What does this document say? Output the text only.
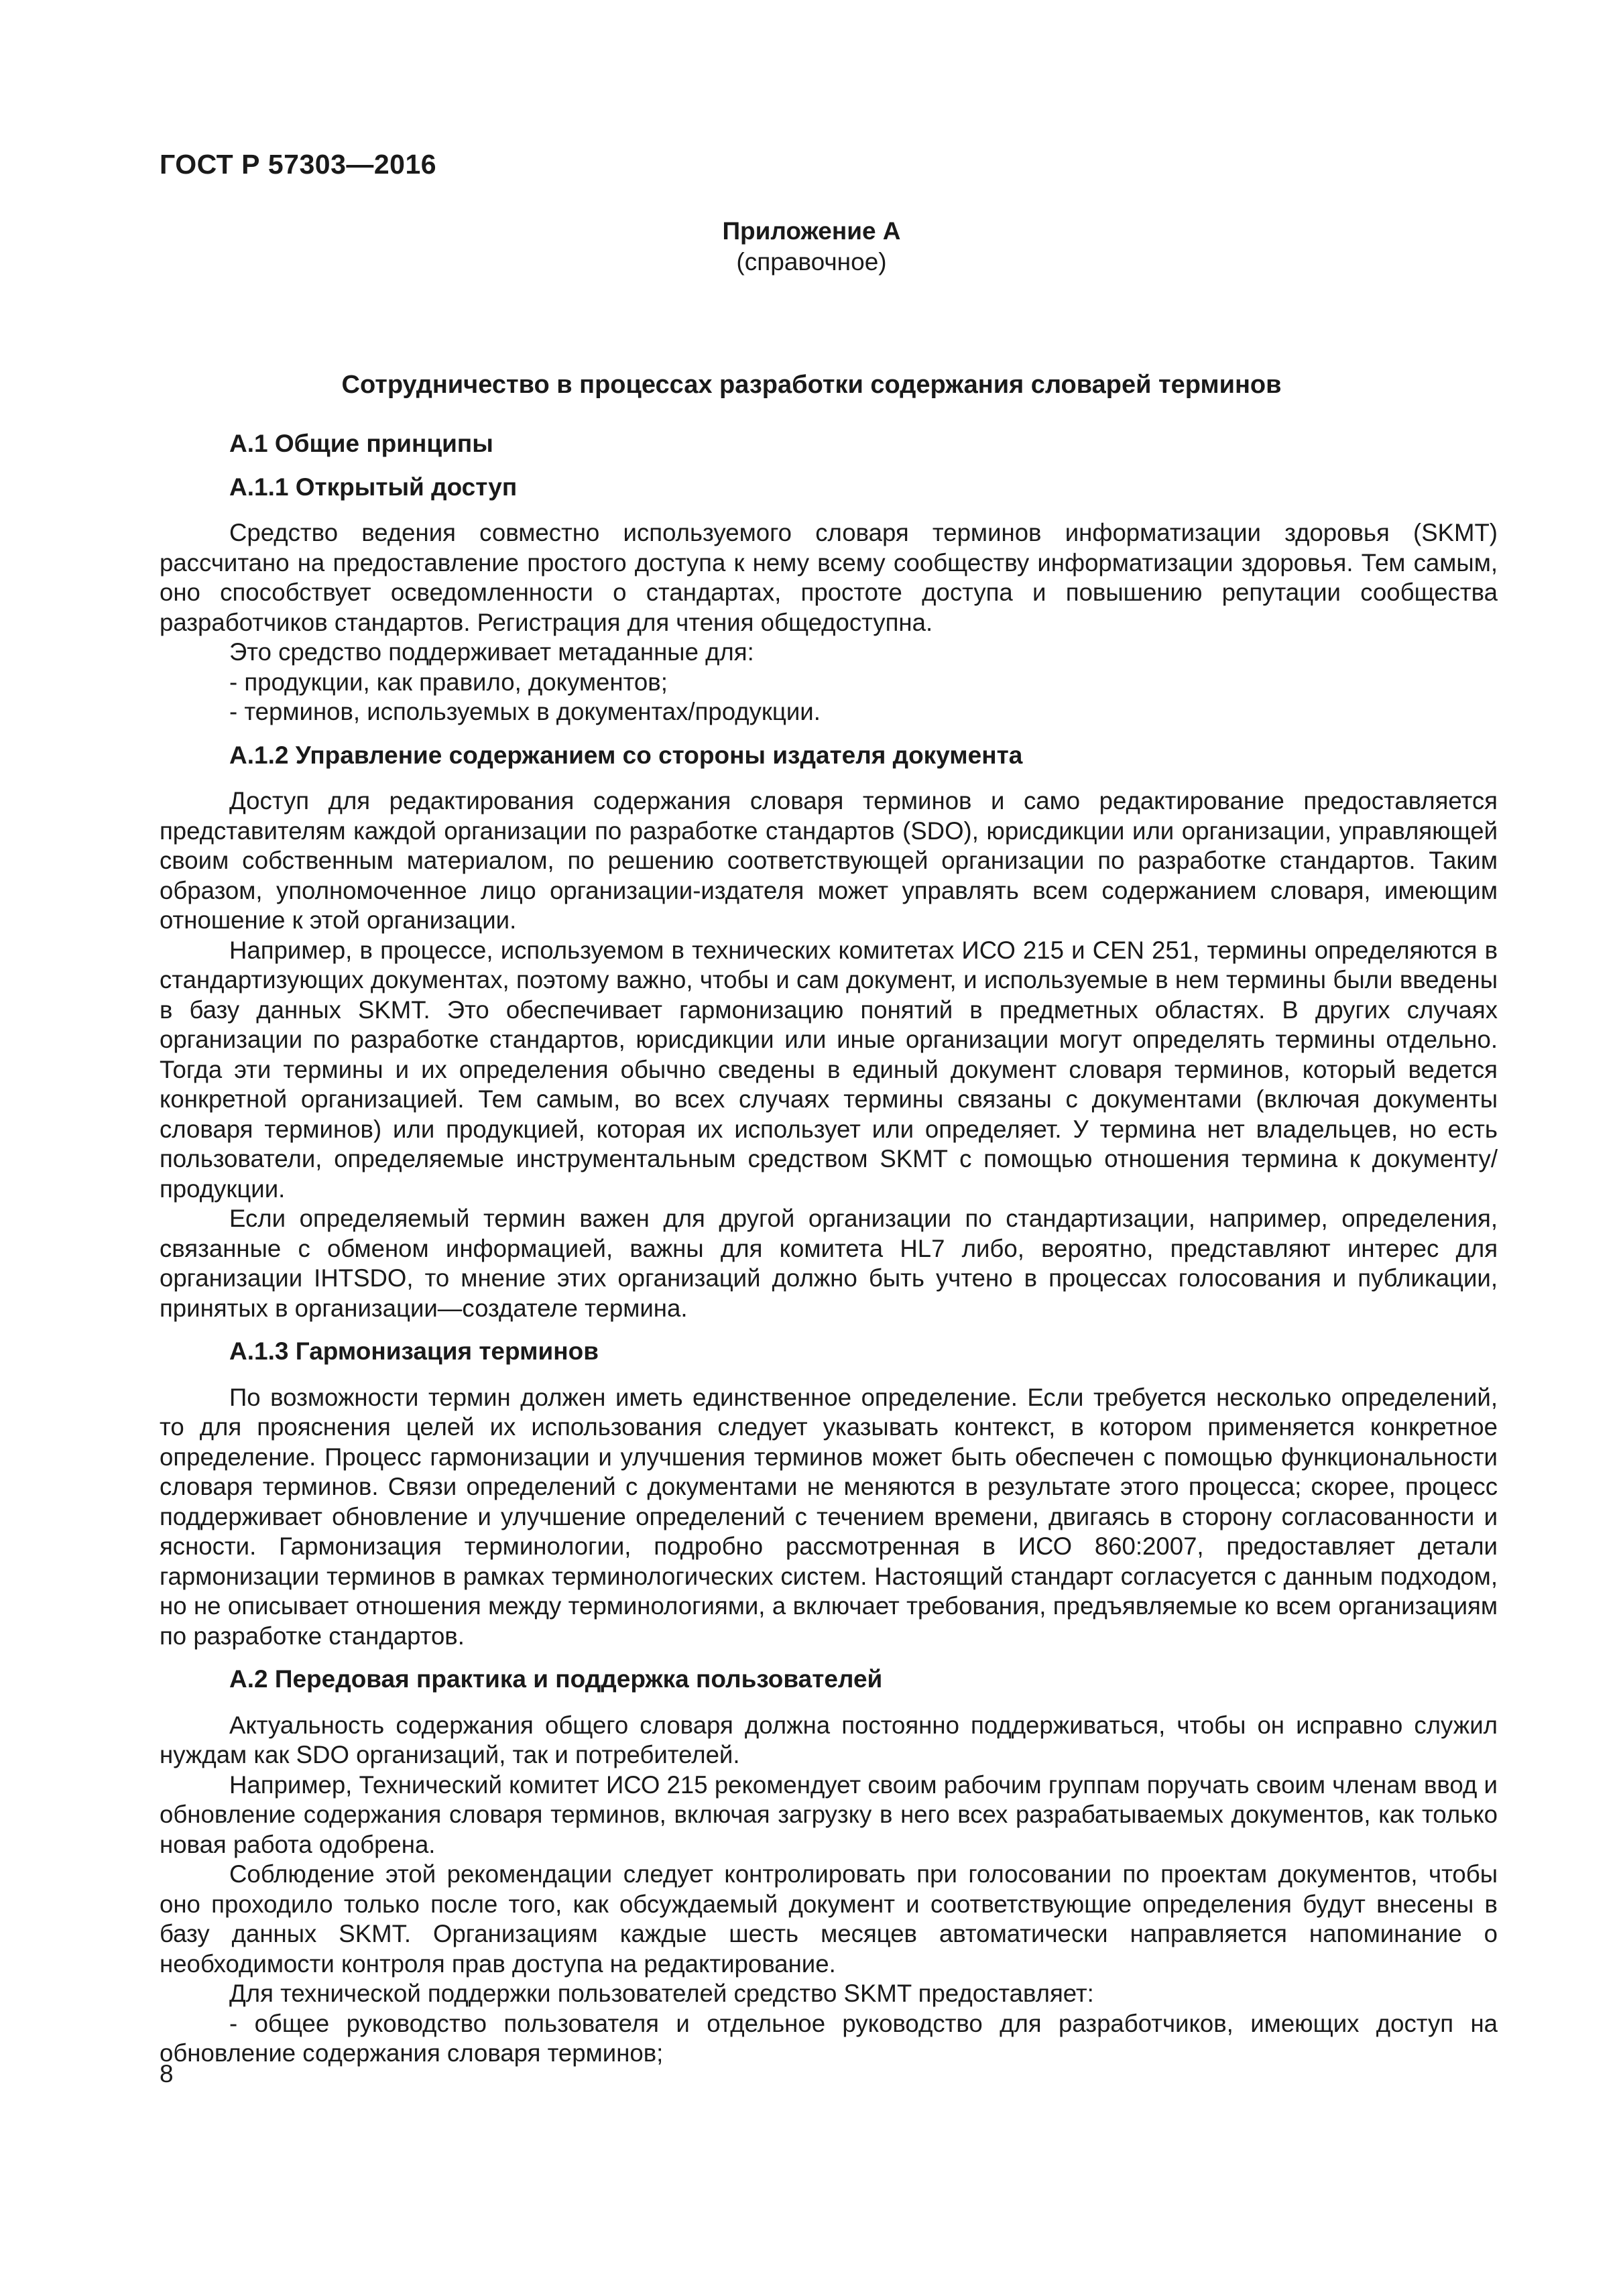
ГОСТ Р 57303—2016
Приложение А
(справочное)
Сотрудничество в процессах разработки содержания словарей терминов
А.1 Общие принципы
А.1.1 Открытый доступ

Средство ведения совместно используемого словаря терминов информатизации здоровья (SKMT) рассчитано на предоставление простого доступа к нему всему сообществу информатизации здоровья. Тем самым, оно способствует осведомленности о стандартах, простоте доступа и повышению репутации сообщества разработчиков стандартов. Регистрация для чтения общедоступна.

Это средство поддерживает метаданные для:

- продукции, как правило, документов;

- терминов, используемых в документах/продукции.

А.1.2 Управление содержанием со стороны издателя документа

Доступ для редактирования содержания словаря терминов и само редактирование предоставляется представителям каждой организации по разработке стандартов (SDO), юрисдикции или организации, управляющей своим собственным материалом, по решению соответствующей организации по разработке стандартов. Таким образом, уполномоченное лицо организации-издателя может управлять всем содержанием словаря, имеющим отношение к этой организации.

Например, в процессе, используемом в технических комитетах ИСО 215 и CEN 251, термины определяются в стандартизующих документах, поэтому важно, чтобы и сам документ, и используемые в нем термины были введены в базу данных SKMT. Это обеспечивает гармонизацию понятий в предметных областях. В других случаях организации по разработке стандартов, юрисдикции или иные организации могут определять термины отдельно. Тогда эти термины и их определения обычно сведены в единый документ словаря терминов, который ведется конкретной организацией. Тем самым, во всех случаях термины связаны с документами (включая документы словаря терминов) или продукцией, которая их использует или определяет. У термина нет владельцев, но есть пользователи, определяемые инструментальным средством SKMT с помощью отношения термина к документу/продукции.

Если определяемый термин важен для другой организации по стандартизации, например, определения, связанные с обменом информацией, важны для комитета HL7 либо, вероятно, представляют интерес для организации IHTSDO, то мнение этих организаций должно быть учтено в процессах голосования и публикации, принятых в организации—создателе термина.

А.1.3 Гармонизация терминов

По возможности термин должен иметь единственное определение. Если требуется несколько определений, то для прояснения целей их использования следует указывать контекст, в котором применяется конкретное определение. Процесс гармонизации и улучшения терминов может быть обеспечен с помощью функциональности словаря терминов. Связи определений с документами не меняются в результате этого процесса; скорее, процесс поддерживает обновление и улучшение определений с течением времени, двигаясь в сторону согласованности и ясности. Гармонизация терминологии, подробно рассмотренная в ИСО 860:2007, предоставляет детали гармонизации терминов в рамках терминологических систем. Настоящий стандарт согласуется с данным подходом, но не описывает отношения между терминологиями, а включает требования, предъявляемые ко всем организациям по разработке стандартов.

А.2 Передовая практика и поддержка пользователей

Актуальность содержания общего словаря должна постоянно поддерживаться, чтобы он исправно служил нуждам как SDO организаций, так и потребителей.

Например, Технический комитет ИСО 215 рекомендует своим рабочим группам поручать своим членам ввод и обновление содержания словаря терминов, включая загрузку в него всех разрабатываемых документов, как только новая работа одобрена.

Соблюдение этой рекомендации следует контролировать при голосовании по проектам документов, чтобы оно проходило только после того, как обсуждаемый документ и соответствующие определения будут внесены в базу данных SKMT. Организациям каждые шесть месяцев автоматически направляется напоминание о необходимости контроля прав доступа на редактирование.

Для технической поддержки пользователей средство SKMT предоставляет:

- общее руководство пользователя и отдельное руководство для разработчиков, имеющих доступ на обновление содержания словаря терминов;

8
